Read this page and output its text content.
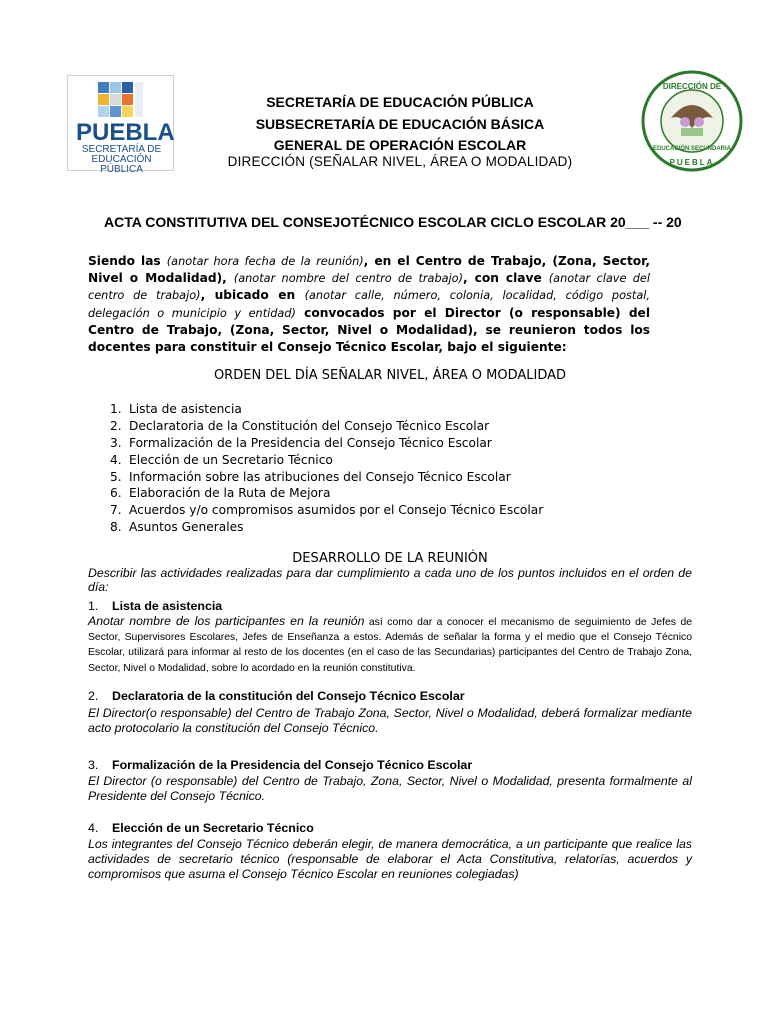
PUEBLA
SECRETARÍA DE
EDUCACIÓN PÚBLICA
DIRECCIÓN DE
EDUCACIÓN SECUNDARIA
PUEBLA
SECRETARÍA DE EDUCACIÓN PÚBLICA
SUBSECRETARÍA DE EDUCACIÓN BÁSICA
GENERAL DE OPERACIÓN ESCOLAR
DIRECCIÓN (SEÑALAR NIVEL, ÁREA O MODALIDAD)
ACTA CONSTITUTIVA DEL CONSEJOTÉCNICO ESCOLAR CICLO ESCOLAR 20___ -- 20
Siendo las (anotar hora fecha de la reunión), en el Centro de Trabajo, (Zona, Sector, Nivel o Modalidad), (anotar nombre del centro de trabajo), con clave (anotar clave del centro de trabajo), ubicado en (anotar calle, número, colonia, localidad, código postal, delegación o municipio y entidad) convocados por el Director (o responsable) del Centro de Trabajo, (Zona, Sector, Nivel o Modalidad), se reunieron todos los docentes para constituir el Consejo Técnico Escolar, bajo el siguiente:
ORDEN DEL DÍA SEÑALAR NIVEL, ÁREA O MODALIDAD
1. Lista de asistencia
2. Declaratoria de la Constitución del Consejo Técnico Escolar
3. Formalización de la Presidencia del Consejo Técnico Escolar
4. Elección de un Secretario Técnico
5. Información sobre las atribuciones del Consejo Técnico Escolar
6. Elaboración de la Ruta de Mejora
7. Acuerdos y/o compromisos asumidos por el Consejo Técnico Escolar
8. Asuntos Generales
DESARROLLO DE LA REUNIÓN
Describir las actividades realizadas para dar cumplimiento a cada uno de los puntos incluidos en el orden de día:
1. Lista de asistencia
Anotar nombre de los participantes en la reunión así como dar a conocer el mecanismo de seguimiento de Jefes de Sector, Supervisores Escolares, Jefes de Enseñanza a estos. Además de señalar la forma y el medio que el Consejo Técnico Escolar, utilizará para informar al resto de los docentes (en el caso de las Secundarias) participantes del Centro de Trabajo Zona, Sector, Nivel o Modalidad, sobre lo acordado en la reunión constitutiva.
2. Declaratoria de la constitución del Consejo Técnico Escolar
El Director(o responsable) del Centro de Trabajo Zona, Sector, Nivel o Modalidad, deberá formalizar mediante acto protocolario la constitución del Consejo Técnico.
3. Formalización de la Presidencia del Consejo Técnico Escolar
El Director (o responsable) del Centro de Trabajo, Zona, Sector, Nivel o Modalidad, presenta formalmente al Presidente del Consejo Técnico.
4. Elección de un Secretario Técnico
Los integrantes del Consejo Técnico deberán elegir, de manera democrática, a un participante que realice las actividades de secretario técnico (responsable de elaborar el Acta Constitutiva, relatorías, acuerdos y compromisos que asuma el Consejo Técnico Escolar en reuniones colegiadas)
